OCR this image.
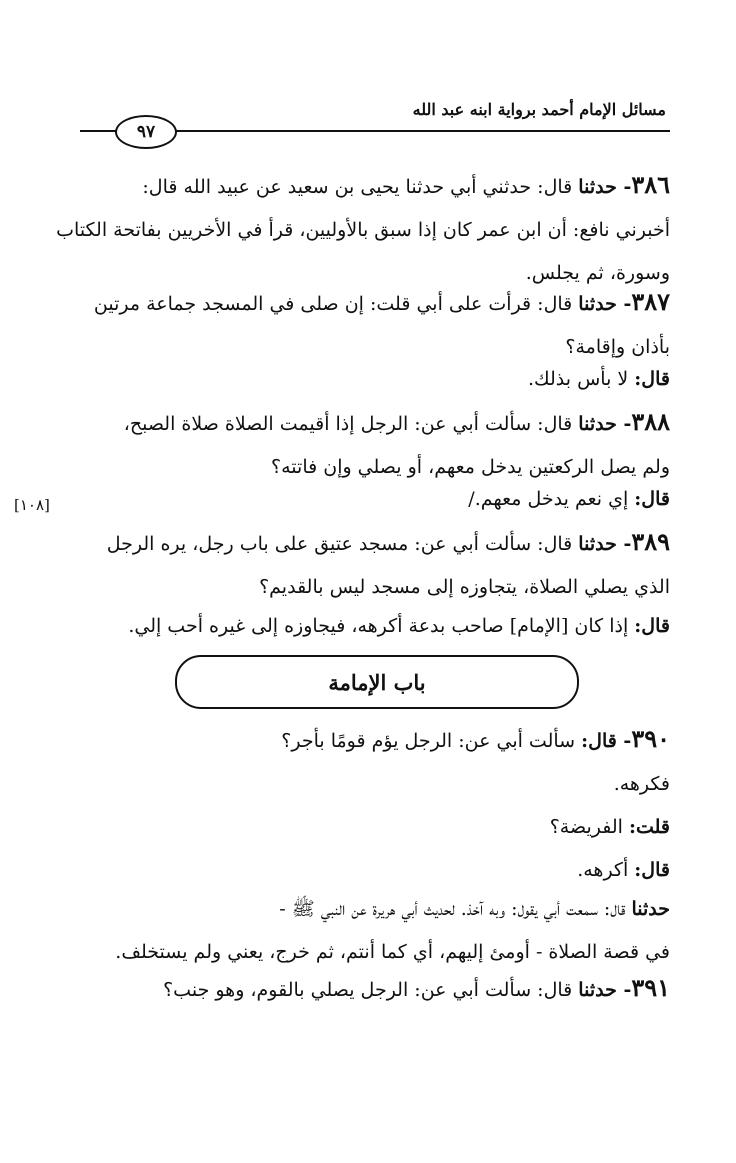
مسائل الإمام أحمد برواية ابنه عبد الله
٩٧
[١٠٨]
٣٨٦- حدثنا قال: حدثني أبي حدثنا يحيى بن سعيد عن عبيد الله قال:
أخبرني نافع: أن ابن عمر كان إذا سبق بالأوليين، قرأ في الأخريين بفاتحة الكتاب
وسورة، ثم يجلس.
٣٨٧- حدثنا قال: قرأت على أبي قلت: إن صلى في المسجد جماعة مرتين
بأذان وإقامة؟
قال: لا بأس بذلك.
٣٨٨- حدثنا قال: سألت أبي عن: الرجل إذا أقيمت الصلاة صلاة الصبح،
ولم يصل الركعتين يدخل معهم، أو يصلي وإن فاتته؟
قال: إي نعم يدخل معهم./
٣٨٩- حدثنا قال: سألت أبي عن: مسجد عتيق على باب رجل، يره الرجل
الذي يصلي الصلاة، يتجاوزه إلى مسجد ليس بالقديم؟
قال: إذا كان [الإمام] صاحب بدعة أكرهه، فيجاوزه إلى غيره أحب إلي.
باب الإمامة
٣٩٠- قال: سألت أبي عن: الرجل يؤم قومًا بأجر؟
فكرهه.
قلت: الفريضة؟
قال: أكرهه.
حدثنا قال: سمعت أبي يقول: وبه آخذ. لحديث أبي هريرة عن النبي ﷺ -
في قصة الصلاة - أومئ إليهم، أي كما أنتم، ثم خرج، يعني ولم يستخلف.
٣٩١- حدثنا قال: سألت أبي عن: الرجل يصلي بالقوم، وهو جنب؟
